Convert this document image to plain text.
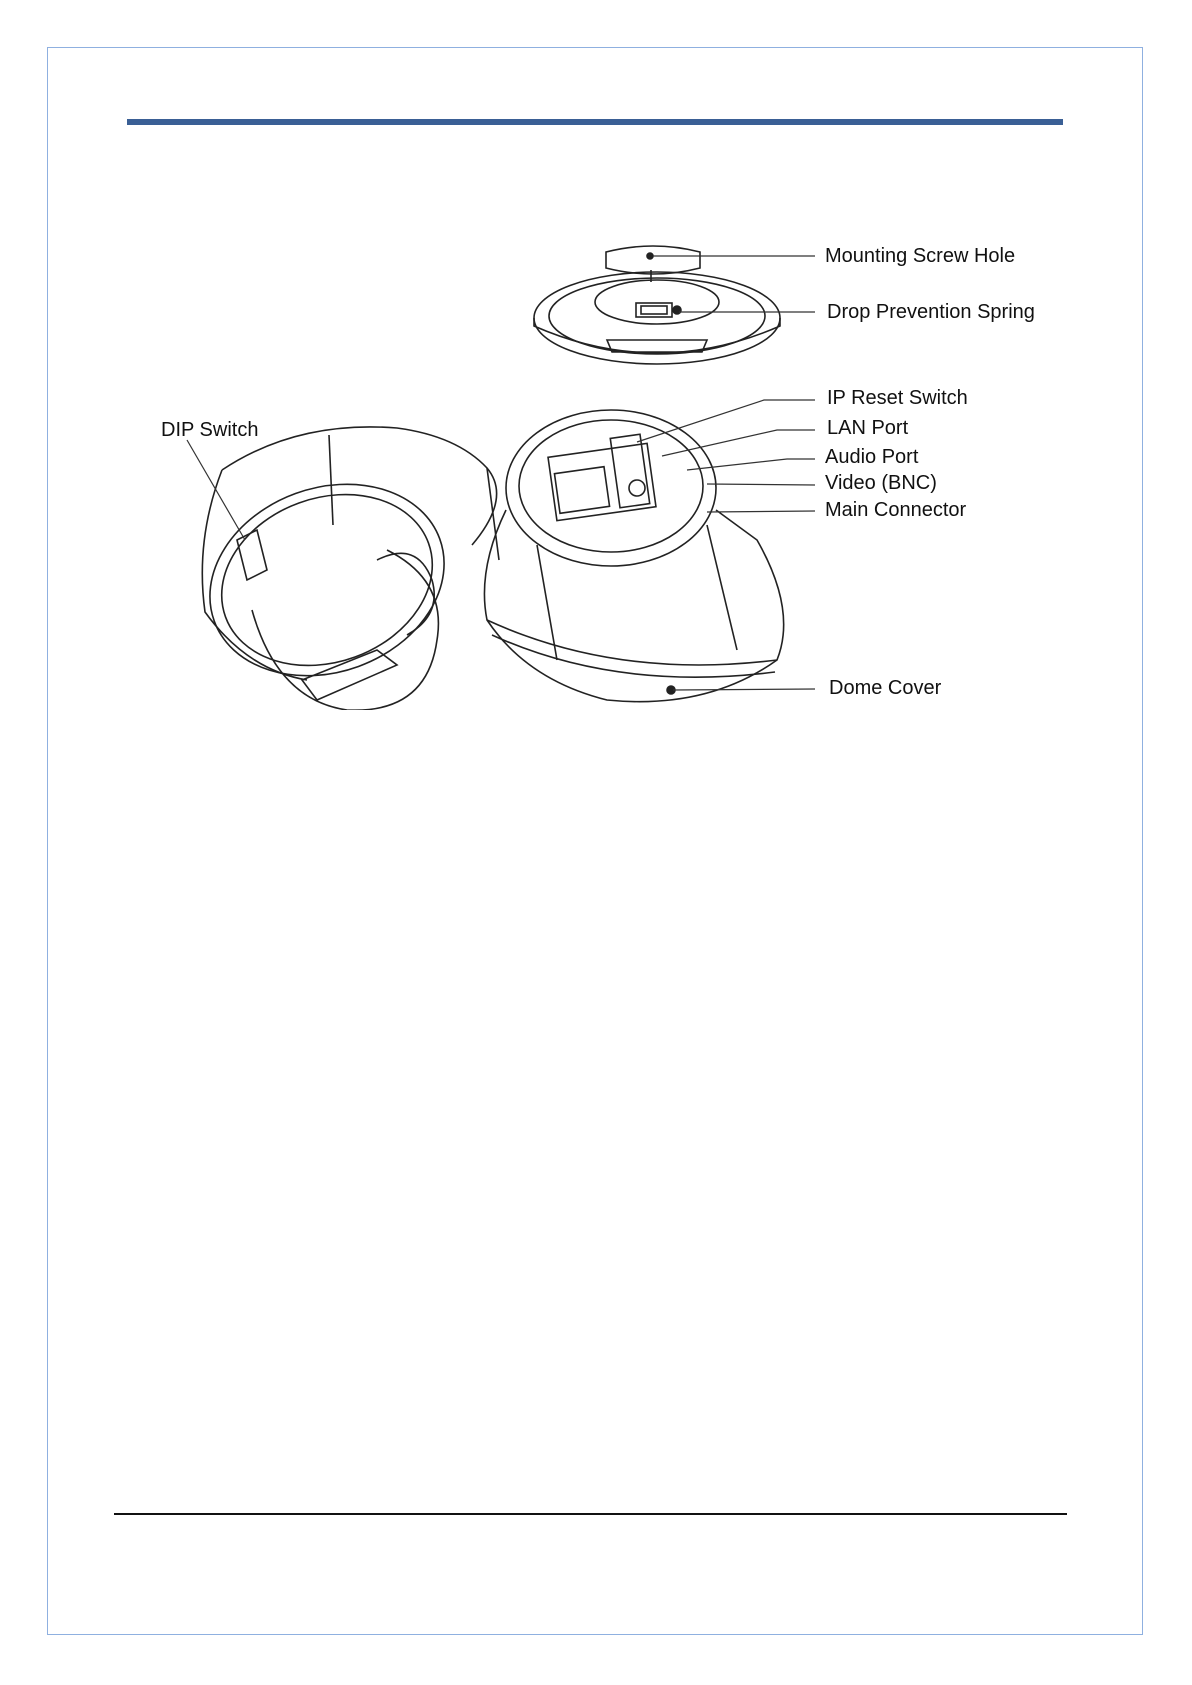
Mounting Screw Hole
Drop Prevention Spring
IP Reset Switch
LAN Port
Audio Port
Video (BNC)
Main Connector
DIP Switch
Dome Cover
